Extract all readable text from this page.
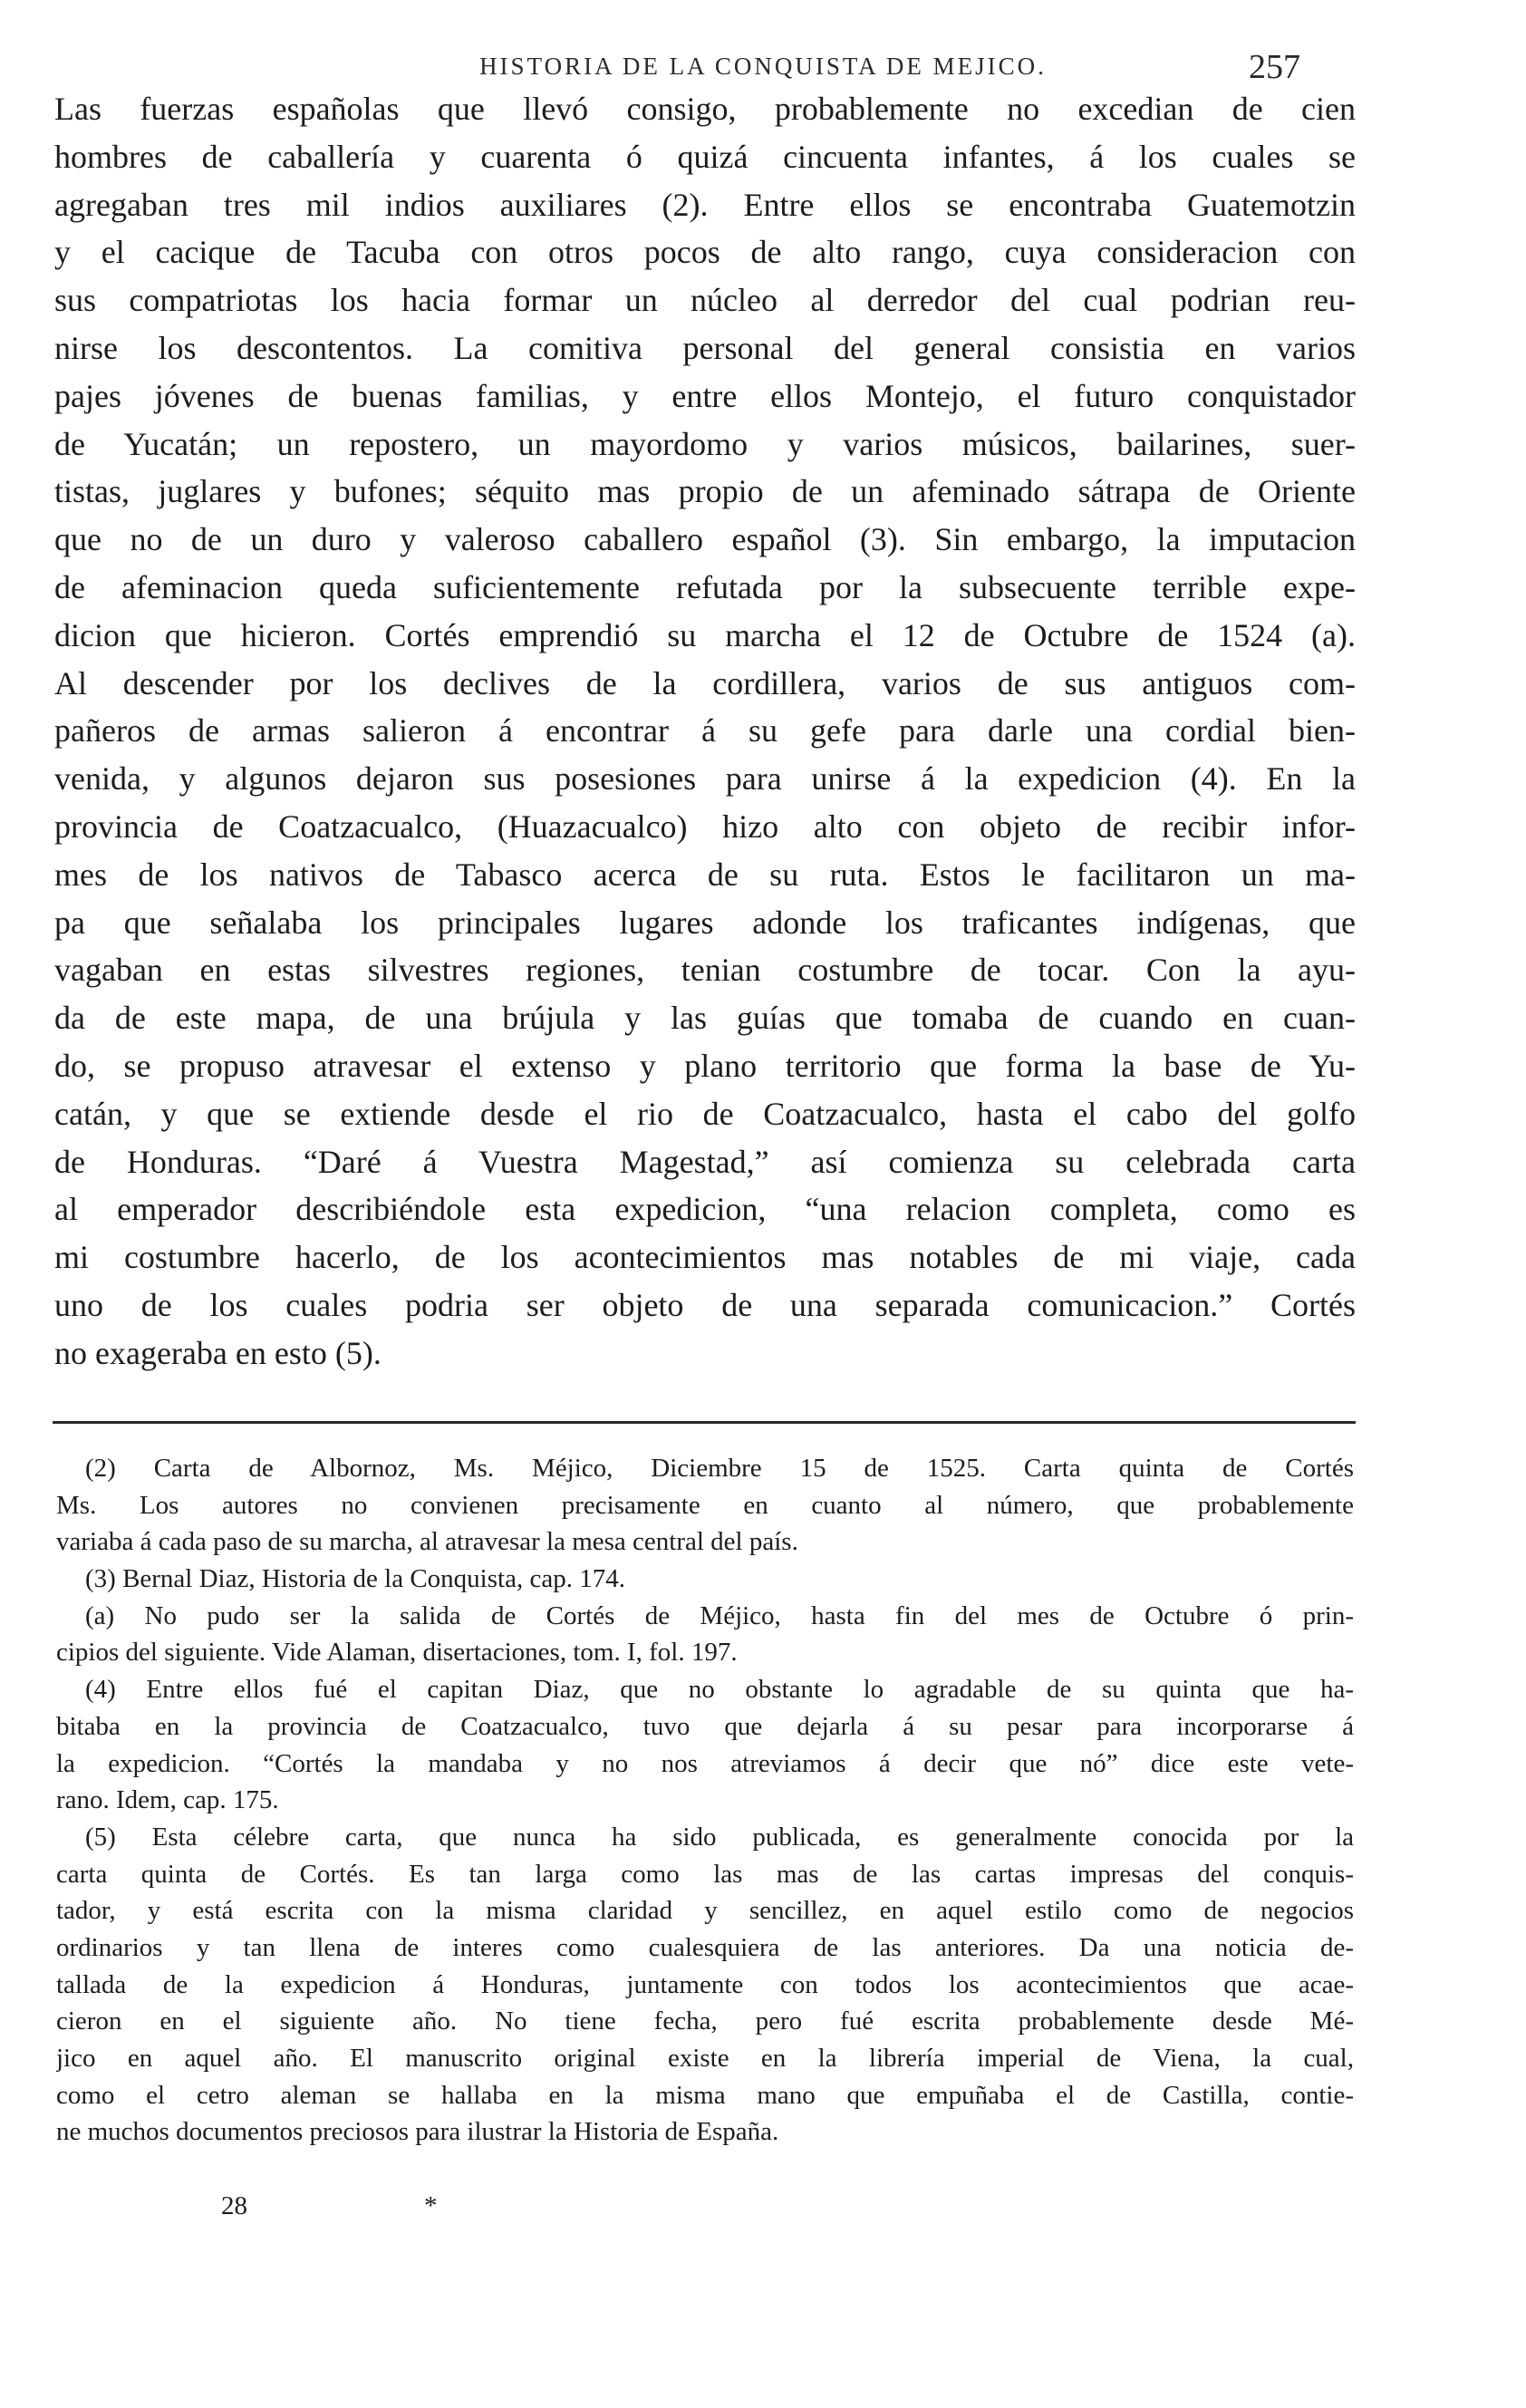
HISTORIA DE LA CONQUISTA DE MEJICO.	257
Las fuerzas españolas que llevó consigo, probablemente no excedian de cien
hombres de caballería y cuarenta ó quizá cincuenta infantes, á los cuales se
agregaban tres mil indios auxiliares (2). Entre ellos se encontraba Guatemotzin
y el cacique de Tacuba con otros pocos de alto rango, cuya consideracion con
sus compatriotas los hacia formar un núcleo al derredor del cual podrian reu-
nirse los descontentos. La comitiva personal del general consistia en varios
pajes jóvenes de buenas familias, y entre ellos Montejo, el futuro conquistador
de Yucatán; un repostero, un mayordomo y varios músicos, bailarines, suer-
tistas, juglares y bufones; séquito mas propio de un afeminado sátrapa de Oriente
que no de un duro y valeroso caballero español (3). Sin embargo, la imputacion
de afeminacion queda suficientemente refutada por la subsecuente terrible expe-
dicion que hicieron. Cortés emprendió su marcha el 12 de Octubre de 1524 (a).
Al descender por los declives de la cordillera, varios de sus antiguos com-
pañeros de armas salieron á encontrar á su gefe para darle una cordial bien-
venida, y algunos dejaron sus posesiones para unirse á la expedicion (4). En la
provincia de Coatzacualco, (Huazacualco) hizo alto con objeto de recibir infor-
mes de los nativos de Tabasco acerca de su ruta. Estos le facilitaron un ma-
pa que señalaba los principales lugares adonde los traficantes indígenas, que
vagaban en estas silvestres regiones, tenian costumbre de tocar. Con la ayu-
da de este mapa, de una brújula y las guías que tomaba de cuando en cuan-
do, se propuso atravesar el extenso y plano territorio que forma la base de Yu-
catán, y que se extiende desde el rio de Coatzacualco, hasta el cabo del golfo
de Honduras. “Daré á Vuestra Magestad,” así comienza su celebrada carta
al emperador describiéndole esta expedicion, “una relacion completa, como es
mi costumbre hacerlo, de los acontecimientos mas notables de mi viaje, cada
uno de los cuales podria ser objeto de una separada comunicacion.” Cortés
no exageraba en esto (5).
(2) Carta de Albornoz, Ms. Méjico, Diciembre 15 de 1525. Carta quinta de Cortés
Ms. Los autores no convienen precisamente en cuanto al número, que probablemente
variaba á cada paso de su marcha, al atravesar la mesa central del país.
(3) Bernal Diaz, Historia de la Conquista, cap. 174.
(a) No pudo ser la salida de Cortés de Méjico, hasta fin del mes de Octubre ó prin-
cipios del siguiente. Vide Alaman, disertaciones, tom. I, fol. 197.
(4) Entre ellos fué el capitan Diaz, que no obstante lo agradable de su quinta que ha-
bitaba en la provincia de Coatzacualco, tuvo que dejarla á su pesar para incorporarse á
la expedicion. “Cortés la mandaba y no nos atreviamos á decir que nó” dice este vete-
rano. Idem, cap. 175.
(5) Esta célebre carta, que nunca ha sido publicada, es generalmente conocida por la
carta quinta de Cortés. Es tan larga como las mas de las cartas impresas del conquis-
tador, y está escrita con la misma claridad y sencillez, en aquel estilo como de negocios
ordinarios y tan llena de interes como cualesquiera de las anteriores. Da una noticia de-
tallada de la expedicion á Honduras, juntamente con todos los acontecimientos que acae-
cieron en el siguiente año. No tiene fecha, pero fué escrita probablemente desde Mé-
jico en aquel año. El manuscrito original existe en la librería imperial de Viena, la cual,
como el cetro aleman se hallaba en la misma mano que empuñaba el de Castilla, contie-
ne muchos documentos preciosos para ilustrar la Historia de España.
28	*
